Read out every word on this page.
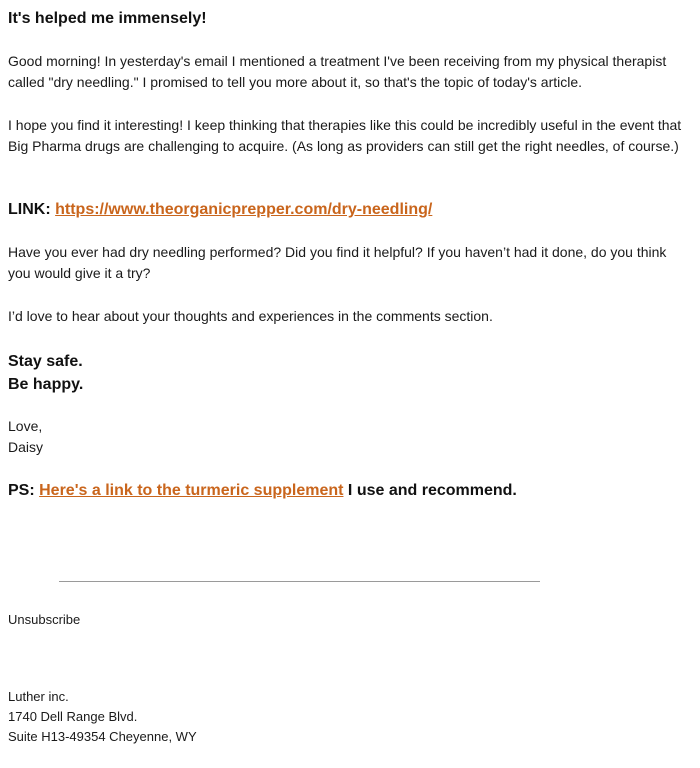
It's helped me immensely!

Good morning! In yesterday's email I mentioned a treatment I've been receiving from my physical therapist called "dry needling." I promised to tell you more about it, so that's the topic of today's article.

I hope you find it interesting! I keep thinking that therapies like this could be incredibly useful in the event that Big Pharma drugs are challenging to acquire. (As long as providers can still get the right needles, of course.)

LINK: https://www.theorganicprepper.com/dry-needling/

Have you ever had dry needling performed? Did you find it helpful? If you haven’t had it done, do you think you would give it a try?

I’d love to hear about your thoughts and experiences in the comments section.

Stay safe.
Be happy.
Love,
Daisy
PS: Here's a link to the turmeric supplement I use and recommend.
Unsubscribe
Luther inc.
1740 Dell Range Blvd.
Suite H13-49354 Cheyenne, WY
